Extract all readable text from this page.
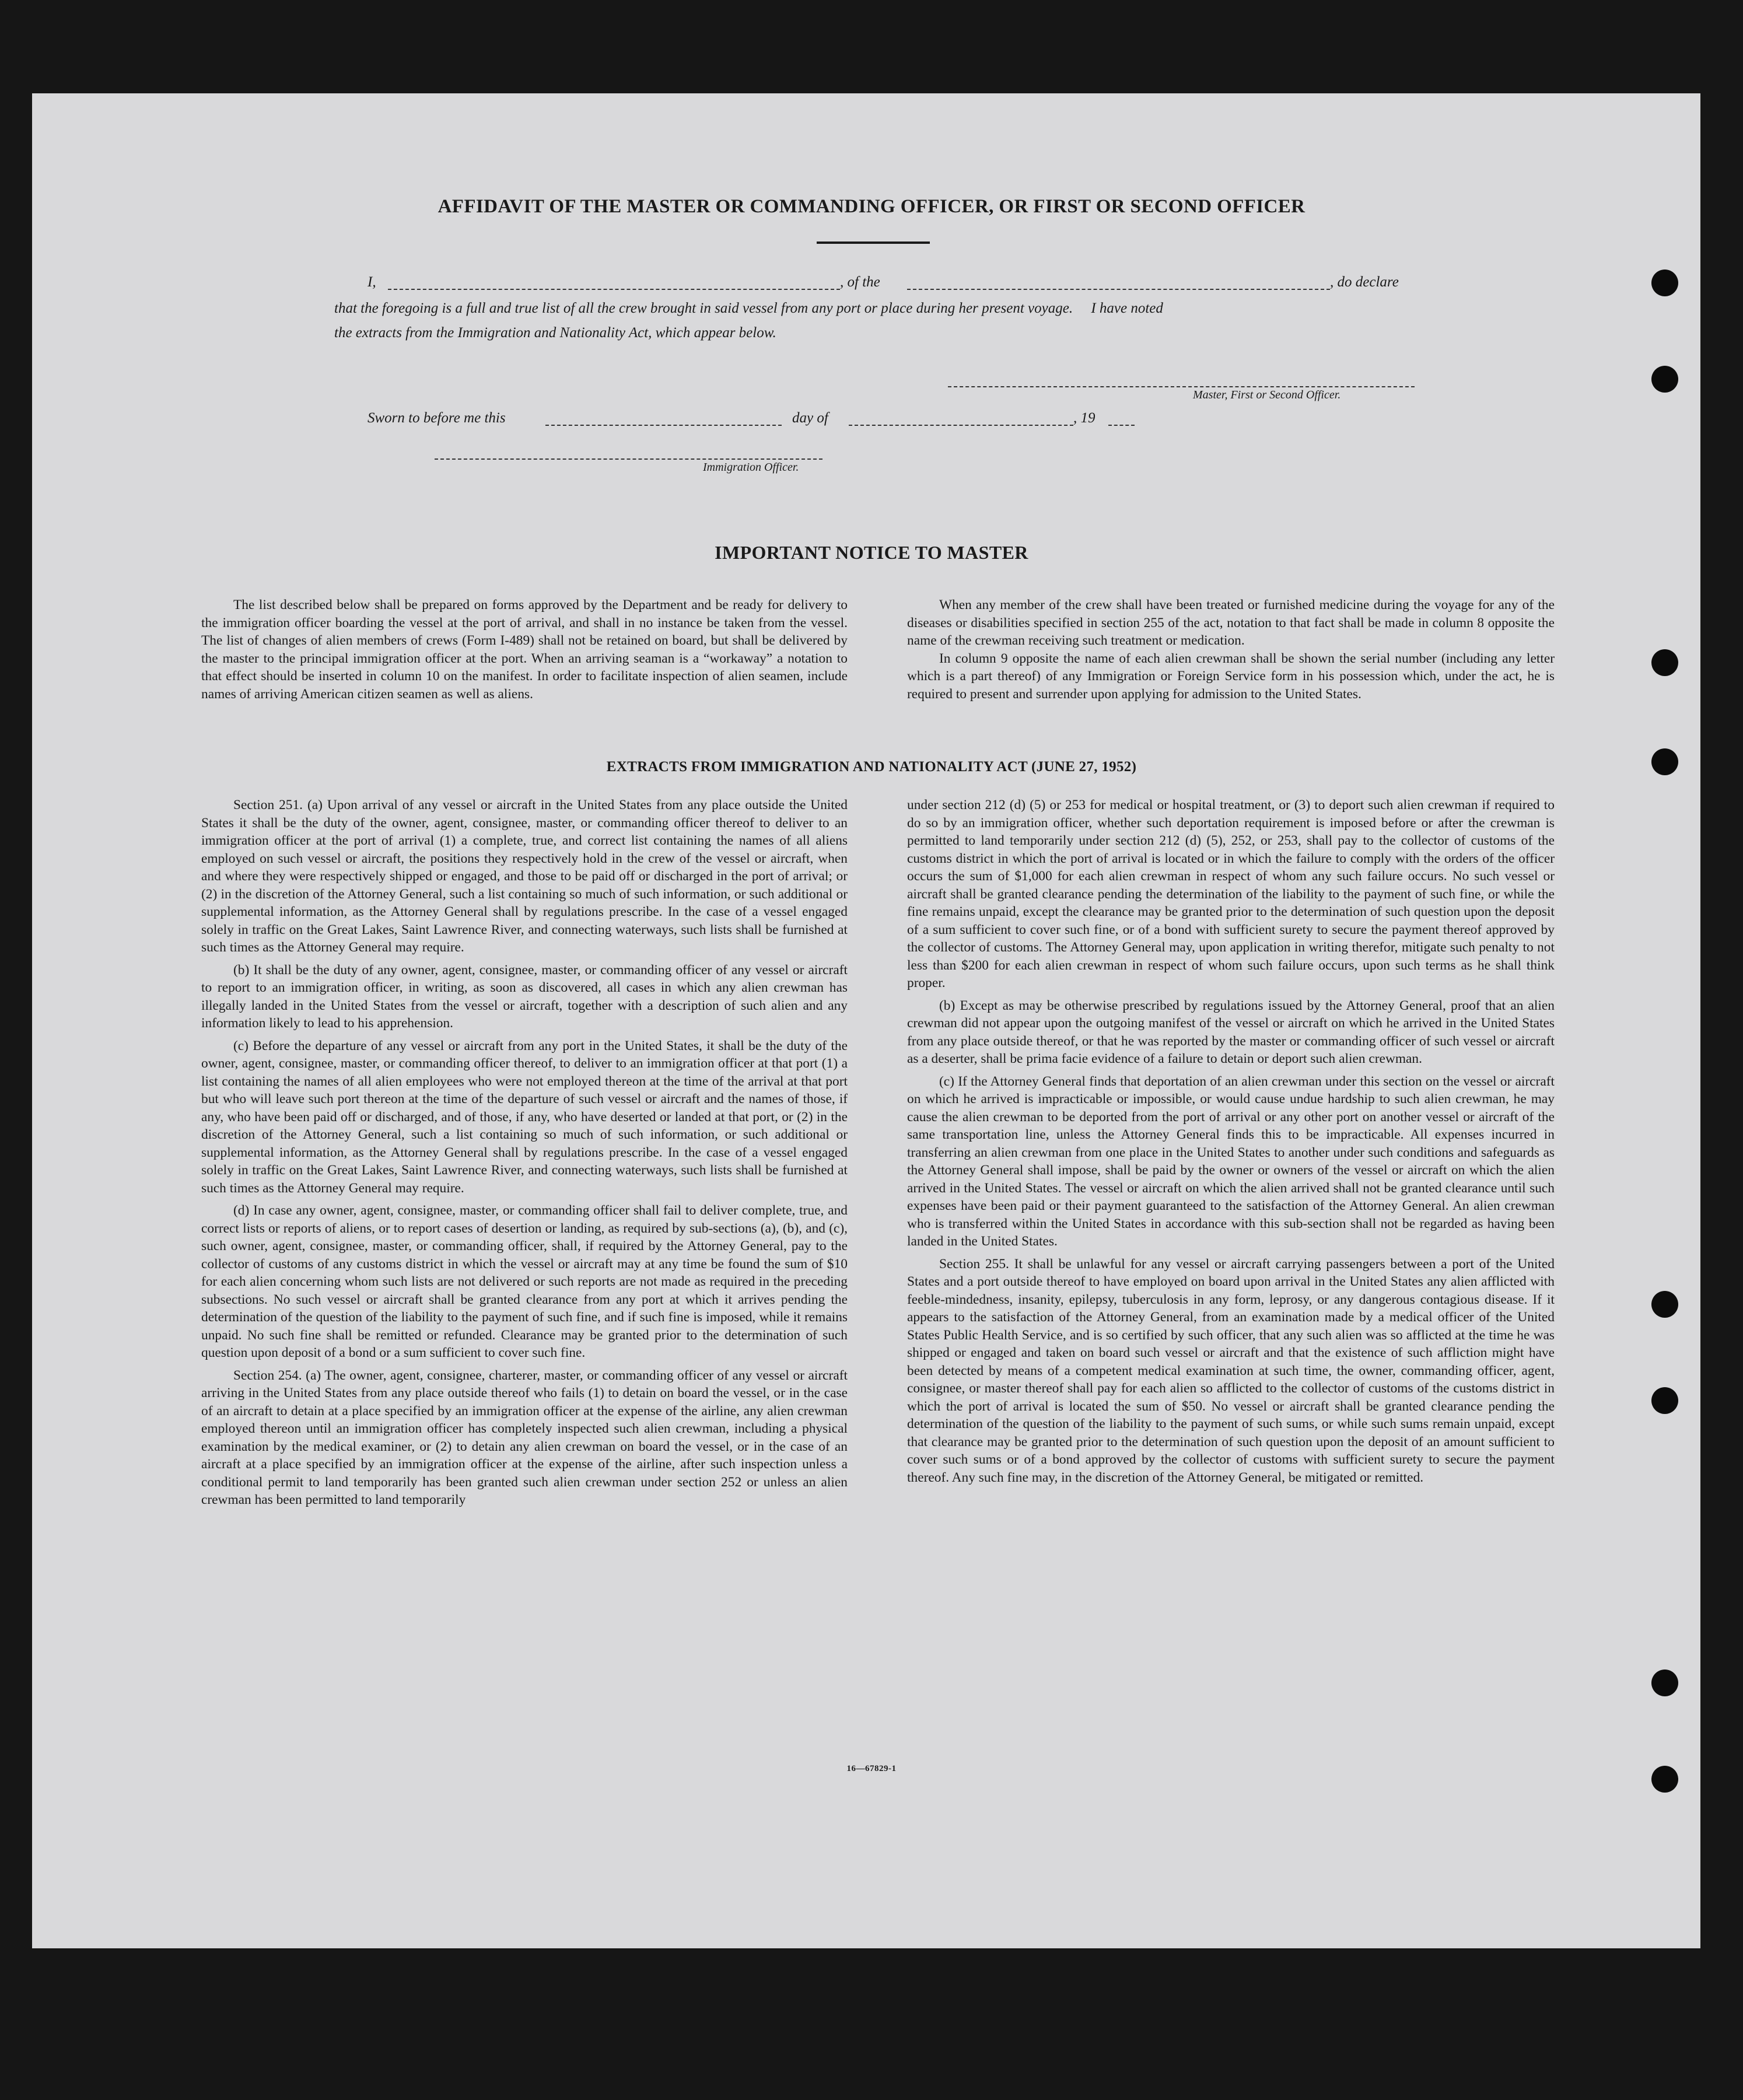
AFFIDAVIT OF THE MASTER OR COMMANDING OFFICER, OR FIRST OR SECOND OFFICER
I,	, of the	, do declare
that the foregoing is a full and true list of all the crew brought in said vessel from any port or place during her present voyage.     I have noted
the extracts from the Immigration and Nationality Act, which appear below.
Master, First or Second Officer.
Sworn to before me this	day of	, 19
Immigration Officer.
IMPORTANT NOTICE TO MASTER

The list described below shall be prepared on forms approved by the Department and be ready for delivery to the immigration officer boarding the vessel at the port of arrival, and shall in no instance be taken from the vessel. The list of changes of alien members of crews (Form I-489) shall not be retained on board, but shall be delivered by the master to the principal immigration officer at the port. When an arriving seaman is a “workaway” a notation to that effect should be inserted in column 10 on the manifest. In order to facilitate inspection of alien seamen, include names of arriving American citizen seamen as well as aliens.

When any member of the crew shall have been treated or furnished medicine during the voyage for any of the diseases or disabilities specified in section 255 of the act, notation to that fact shall be made in column 8 opposite the name of the crewman receiving such treatment or medication.

In column 9 opposite the name of each alien crewman shall be shown the serial number (including any letter which is a part thereof) of any Immigration or Foreign Service form in his possession which, under the act, he is required to present and surrender upon applying for admission to the United States.

EXTRACTS FROM IMMIGRATION AND NATIONALITY ACT (JUNE 27, 1952)

Section 251. (a) Upon arrival of any vessel or aircraft in the United States from any place outside the United States it shall be the duty of the owner, agent, consignee, master, or commanding officer thereof to deliver to an immigration officer at the port of arrival (1) a complete, true, and correct list containing the names of all aliens employed on such vessel or aircraft, the positions they respectively hold in the crew of the vessel or aircraft, when and where they were respectively shipped or engaged, and those to be paid off or discharged in the port of arrival; or (2) in the discretion of the Attorney General, such a list containing so much of such information, or such additional or supplemental information, as the Attorney General shall by regulations prescribe. In the case of a vessel engaged solely in traffic on the Great Lakes, Saint Lawrence River, and connecting waterways, such lists shall be furnished at such times as the Attorney General may require.

(b) It shall be the duty of any owner, agent, consignee, master, or commanding officer of any vessel or aircraft to report to an immigration officer, in writing, as soon as discovered, all cases in which any alien crewman has illegally landed in the United States from the vessel or aircraft, together with a description of such alien and any information likely to lead to his apprehension.

(c) Before the departure of any vessel or aircraft from any port in the United States, it shall be the duty of the owner, agent, consignee, master, or commanding officer thereof, to deliver to an immigration officer at that port (1) a list containing the names of all alien employees who were not employed thereon at the time of the arrival at that port but who will leave such port thereon at the time of the departure of such vessel or aircraft and the names of those, if any, who have been paid off or discharged, and of those, if any, who have deserted or landed at that port, or (2) in the discretion of the Attorney General, such a list containing so much of such information, or such additional or supplemental information, as the Attorney General shall by regulations prescribe. In the case of a vessel engaged solely in traffic on the Great Lakes, Saint Lawrence River, and connecting waterways, such lists shall be furnished at such times as the Attorney General may require.

(d) In case any owner, agent, consignee, master, or commanding officer shall fail to deliver complete, true, and correct lists or reports of aliens, or to report cases of desertion or landing, as required by sub-sections (a), (b), and (c), such owner, agent, consignee, master, or commanding officer, shall, if required by the Attorney General, pay to the collector of customs of any customs district in which the vessel or aircraft may at any time be found the sum of $10 for each alien concerning whom such lists are not delivered or such reports are not made as required in the preceding subsections. No such vessel or aircraft shall be granted clearance from any port at which it arrives pending the determination of the question of the liability to the payment of such fine, and if such fine is imposed, while it remains unpaid. No such fine shall be remitted or refunded. Clearance may be granted prior to the determination of such question upon deposit of a bond or a sum sufficient to cover such fine.

Section 254. (a) The owner, agent, consignee, charterer, master, or commanding officer of any vessel or aircraft arriving in the United States from any place outside thereof who fails (1) to detain on board the vessel, or in the case of an aircraft to detain at a place specified by an immigration officer at the expense of the airline, any alien crewman employed thereon until an immigration officer has completely inspected such alien crewman, including a physical examination by the medical examiner, or (2) to detain any alien crewman on board the vessel, or in the case of an aircraft at a place specified by an immigration officer at the expense of the airline, after such inspection unless a conditional permit to land temporarily has been granted such alien crewman under section 252 or unless an alien crewman has been permitted to land temporarily

under section 212 (d) (5) or 253 for medical or hospital treatment, or (3) to deport such alien crewman if required to do so by an immigration officer, whether such deportation requirement is imposed before or after the crewman is permitted to land temporarily under section 212 (d) (5), 252, or 253, shall pay to the collector of customs of the customs district in which the port of arrival is located or in which the failure to comply with the orders of the officer occurs the sum of $1,000 for each alien crewman in respect of whom any such failure occurs. No such vessel or aircraft shall be granted clearance pending the determination of the liability to the payment of such fine, or while the fine remains unpaid, except the clearance may be granted prior to the determination of such question upon the deposit of a sum sufficient to cover such fine, or of a bond with sufficient surety to secure the payment thereof approved by the collector of customs. The Attorney General may, upon application in writing therefor, mitigate such penalty to not less than $200 for each alien crewman in respect of whom such failure occurs, upon such terms as he shall think proper.

(b) Except as may be otherwise prescribed by regulations issued by the Attorney General, proof that an alien crewman did not appear upon the outgoing manifest of the vessel or aircraft on which he arrived in the United States from any place outside thereof, or that he was reported by the master or commanding officer of such vessel or aircraft as a deserter, shall be prima facie evidence of a failure to detain or deport such alien crewman.

(c) If the Attorney General finds that deportation of an alien crewman under this section on the vessel or aircraft on which he arrived is impracticable or impossible, or would cause undue hardship to such alien crewman, he may cause the alien crewman to be deported from the port of arrival or any other port on another vessel or aircraft of the same transportation line, unless the Attorney General finds this to be impracticable. All expenses incurred in transferring an alien crewman from one place in the United States to another under such conditions and safeguards as the Attorney General shall impose, shall be paid by the owner or owners of the vessel or aircraft on which the alien arrived in the United States. The vessel or aircraft on which the alien arrived shall not be granted clearance until such expenses have been paid or their payment guaranteed to the satisfaction of the Attorney General. An alien crewman who is transferred within the United States in accordance with this sub-section shall not be regarded as having been landed in the United States.

Section 255. It shall be unlawful for any vessel or aircraft carrying passengers between a port of the United States and a port outside thereof to have employed on board upon arrival in the United States any alien afflicted with feeble-mindedness, insanity, epilepsy, tuberculosis in any form, leprosy, or any dangerous contagious disease. If it appears to the satisfaction of the Attorney General, from an examination made by a medical officer of the United States Public Health Service, and is so certified by such officer, that any such alien was so afflicted at the time he was shipped or engaged and taken on board such vessel or aircraft and that the existence of such affliction might have been detected by means of a competent medical examination at such time, the owner, commanding officer, agent, consignee, or master thereof shall pay for each alien so afflicted to the collector of customs of the customs district in which the port of arrival is located the sum of $50. No vessel or aircraft shall be granted clearance pending the determination of the question of the liability to the payment of such sums, or while such sums remain unpaid, except that clearance may be granted prior to the determination of such question upon the deposit of an amount sufficient to cover such sums or of a bond approved by the collector of customs with sufficient surety to secure the payment thereof. Any such fine may, in the discretion of the Attorney General, be mitigated or remitted.

16—67829-1
